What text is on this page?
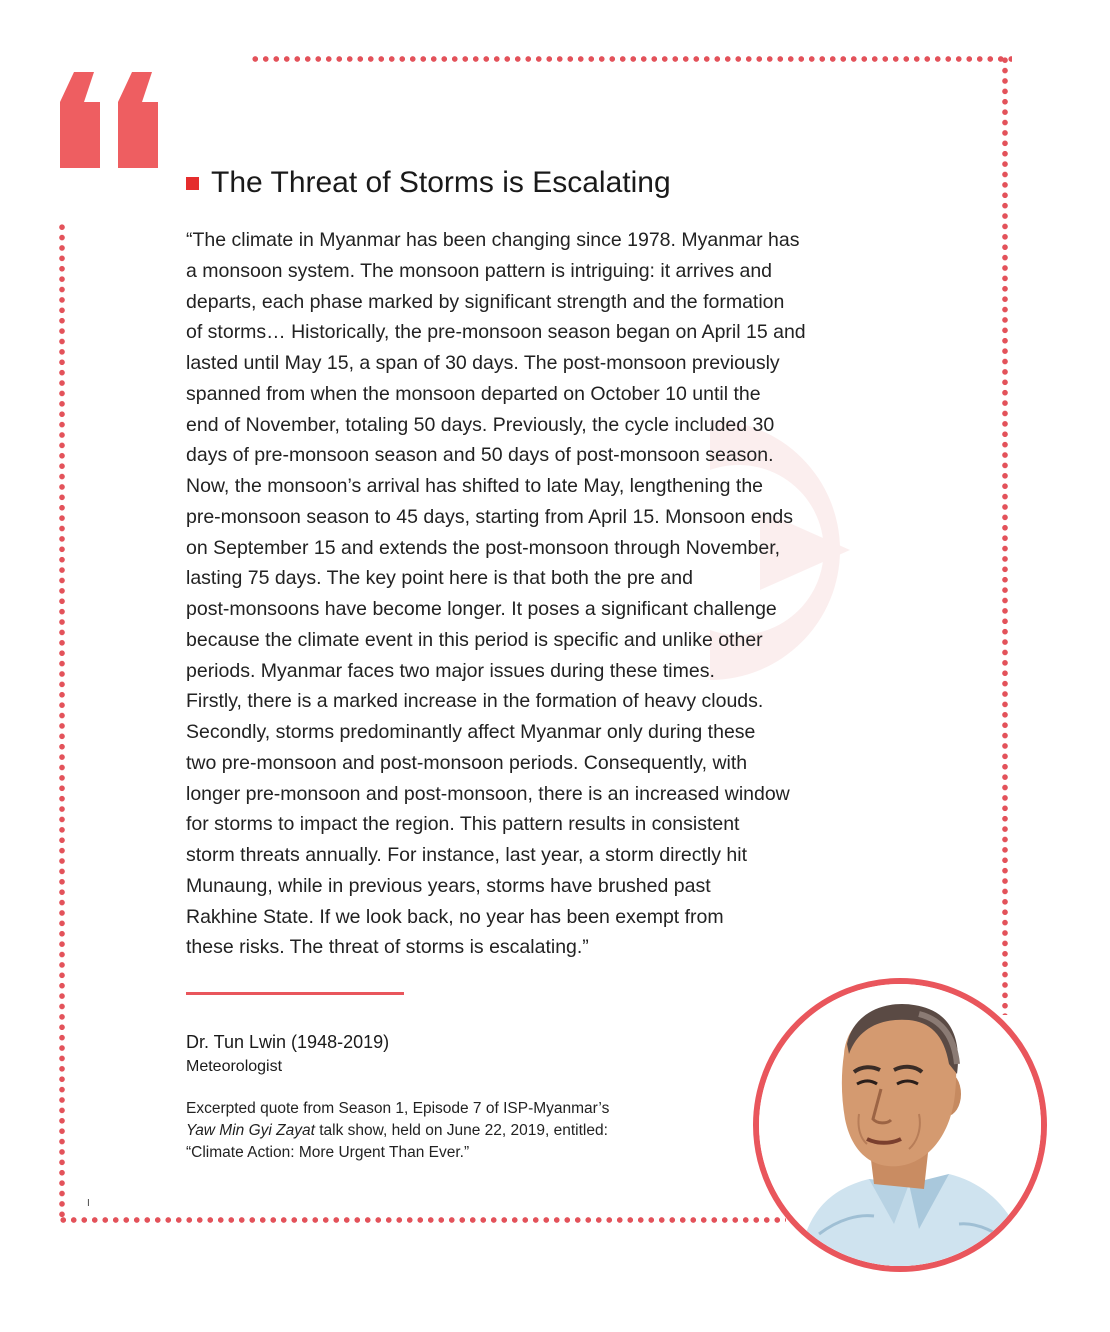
The Threat of Storms is Escalating

“The climate in Myanmar has been changing since 1978. Myanmar has
a monsoon system. The monsoon pattern is intriguing: it arrives and
departs, each phase marked by significant strength and the formation
of storms… Historically, the pre-monsoon season began on April 15 and
lasted until May 15, a span of 30 days. The post-monsoon previously
spanned from when the monsoon departed on October 10 until the
end of November, totaling 50 days. Previously, the cycle included 30
days of pre-monsoon season and 50 days of post-monsoon season.
Now, the monsoon’s arrival has shifted to late May, lengthening the
pre-monsoon season to 45 days, starting from April 15. Monsoon ends
on September 15 and extends the post-monsoon through November,
lasting 75 days. The key point here is that both the pre and
post-monsoons have become longer. It poses a significant challenge
because the climate event in this period is specific and unlike other
periods. Myanmar faces two major issues during these times.
Firstly, there is a marked increase in the formation of heavy clouds.
Secondly, storms predominantly affect Myanmar only during these
two pre-monsoon and post-monsoon periods. Consequently, with
longer pre-monsoon and post-monsoon, there is an increased window
for storms to impact the region. This pattern results in consistent
storm threats annually. For instance, last year, a storm directly hit
Munaung, while in previous years, storms have brushed past
Rakhine State. If we look back, no year has been exempt from
these risks. The threat of storms is escalating.”

Dr. Tun Lwin (1948-2019)

Meteorologist

Excerpted quote from Season 1, Episode 7 of ISP-Myanmar’s
Yaw Min Gyi Zayat talk show, held on June 22, 2019, entitled:
“Climate Action: More Urgent Than Ever.”

I
